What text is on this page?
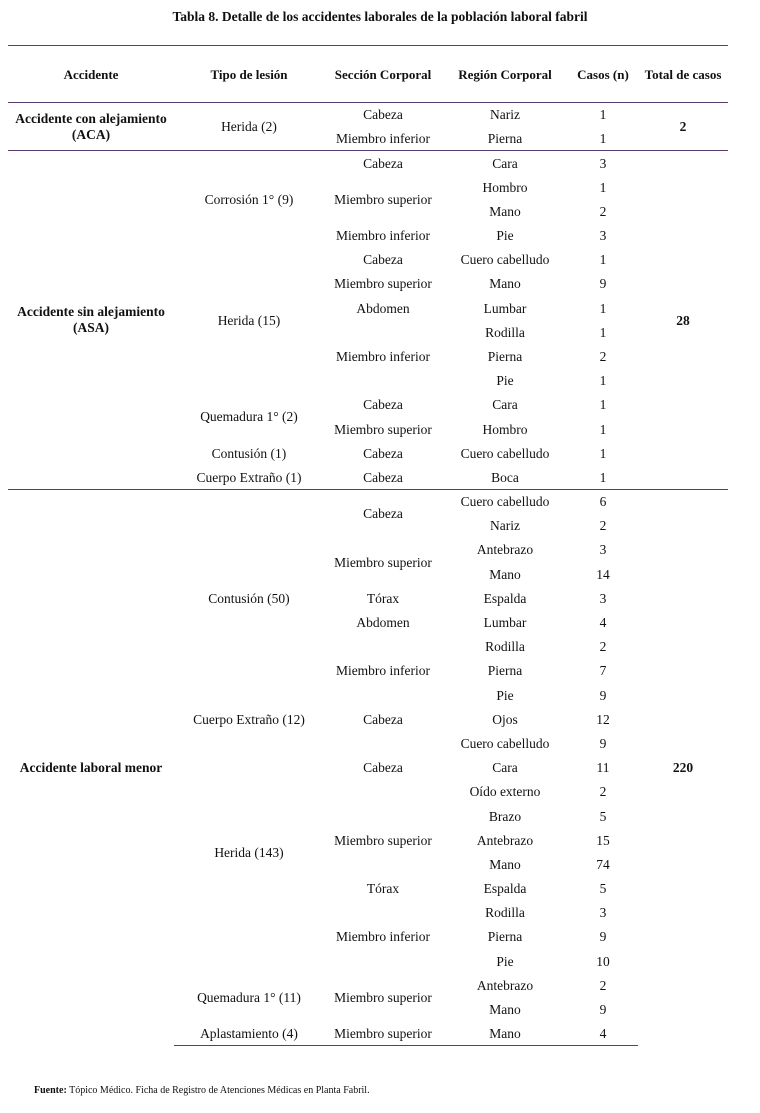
Tabla 8. Detalle de los accidentes laborales de la población laboral fabril
Accidente	Tipo de lesión	Sección Corporal	Región Corporal	Casos (n)	Total de casos
Accidente con alejamiento (ACA)	Herida (2)	Cabeza	Nariz	1	2
		Miembro inferior	Pierna	1	
Accidente sin alejamiento (ASA)	Corrosión 1° (9)	Cabeza	Cara	3	28
		Miembro superior	Hombro	1	
			Mano	2	
		Miembro inferior	Pie	3	
	Herida (15)	Cabeza	Cuero cabelludo	1	
		Miembro superior	Mano	9	
		Abdomen	Lumbar	1	
		Miembro inferior	Rodilla	1	
			Pierna	2	
			Pie	1	
	Quemadura 1° (2)	Cabeza	Cara	1	
		Miembro superior	Hombro	1	
	Contusión (1)	Cabeza	Cuero cabelludo	1	
	Cuerpo Extraño (1)	Cabeza	Boca	1	
Accidente laboral menor	Contusión (50)	Cabeza	Cuero cabelludo	6	220
			Nariz	2	
		Miembro superior	Antebrazo	3	
			Mano	14	
		Tórax	Espalda	3	
		Abdomen	Lumbar	4	
		Miembro inferior	Rodilla	2	
			Pierna	7	
			Pie	9	
	Cuerpo Extraño (12)	Cabeza	Ojos	12	
	Herida (143)	Cabeza	Cuero cabelludo	9	
			Cara	11	
			Oído externo	2	
		Miembro superior	Brazo	5	
			Antebrazo	15	
			Mano	74	
		Tórax	Espalda	5	
		Miembro inferior	Rodilla	3	
			Pierna	9	
			Pie	10	
	Quemadura 1° (11)	Miembro superior	Antebrazo	2	
			Mano	9	
	Aplastamiento (4)	Miembro superior	Mano	4	
Fuente: Tópico Médico. Ficha de Registro de Atenciones Médicas en Planta Fabril.
